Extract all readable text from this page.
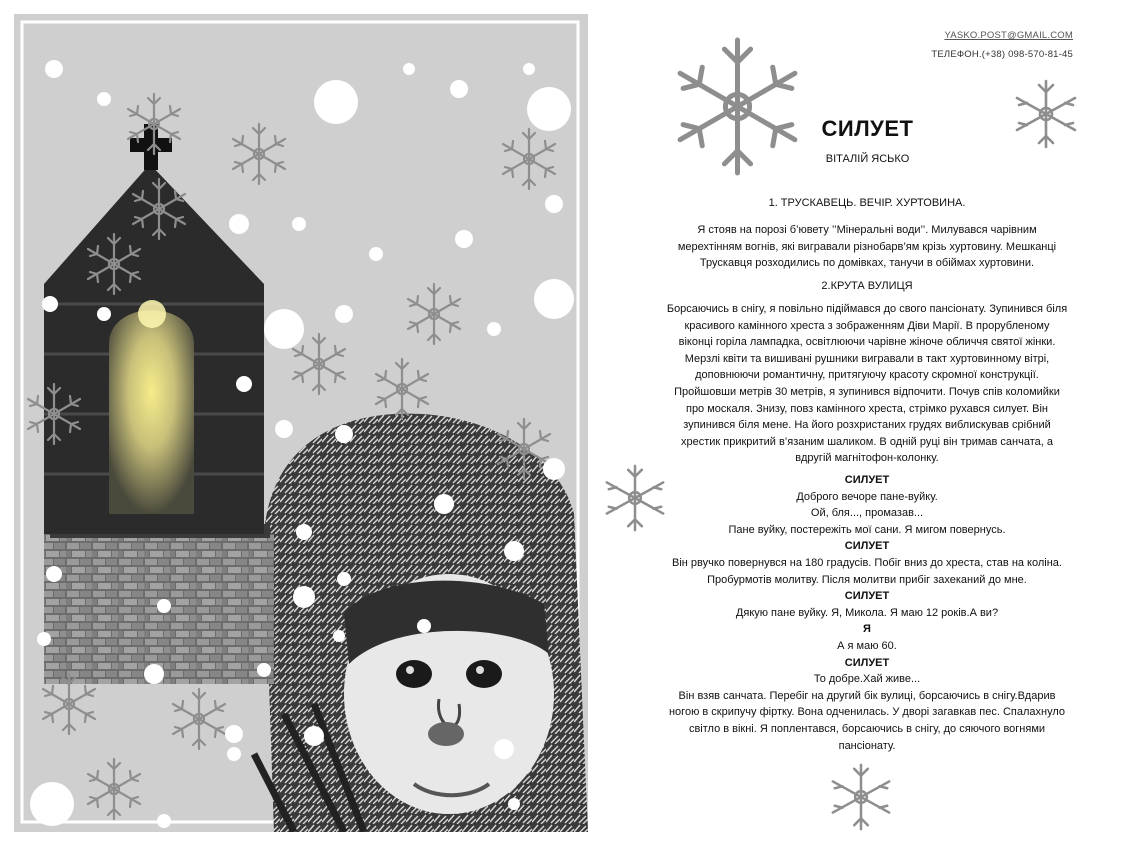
YASKO.POST@GMAIL.COM
ТЕЛЕФОН.(+38) 098-570-81-45
СИЛУЕТ
ВІТАЛІЙ ЯСЬКО
1. ТРУСКАВЕЦЬ. ВЕЧІР. ХУРТОВИНА.

Я стояв на порозі б’ювету ’’Мінеральні води’’. Милувався чарівним

мерехтінням вогнів, які вигравали різнобарв’ям крізь хуртовину. Мешканці

Трускавця розходились по домівках, танучи в обіймах хуртовини.

2.КРУТА ВУЛИЦЯ

Борсаючись в снігу, я повільно підіймався до свого пансіонату. Зупинився біля

красивого камінного хреста з зображенням Діви Марії. В прорубленому

віконці горіла лампадка, освітлюючи чарівне жіноче обличчя святої жінки.

Мерзлі квіти та вишивані рушники вигравали в такт хуртовинному вітрі,

доповнюючи романтичну, притягуючу красоту скромної конструкції.

Пройшовши метрів 30 метрів, я зупинився відпочити. Почув спів коломийки

про москаля. Знизу, повз камінного хреста, стрімко рухався силует. Він

зупинився біля мене. На його розхристаних грудях виблискував срібний

хрестик прикритий в’язаним шаликом. В одній руці він тримав санчата, а

вдругій магнітофон-колонку.

СИЛУЕТ

Доброго вечоре пане-вуйку.

Ой, бля..., промазав...

Пане вуйку, постережіть мої сани. Я мигом повернусь.

СИЛУЕТ

Він рвучко повернувся на 180 градусів. Побіг вниз до хреста, став на коліна.

Пробурмотів молитву. Після молитви прибіг захеканий до мне.

СИЛУЕТ

Дякую пане вуйку. Я, Микола. Я маю 12 років.А ви?

Я

А я маю 60.

СИЛУЕТ

То добре.Хай живе...

Він взяв санчата. Перебіг на другий бік вулиці, борсаючись в снігу.Вдарив

ногою в скрипучу фіртку. Вона одченилась. У дворі загавкав пес. Спалахнуло

світло в вікні. Я поплентався, борсаючись в снігу, до сяючого вогнями

пансіонату.
